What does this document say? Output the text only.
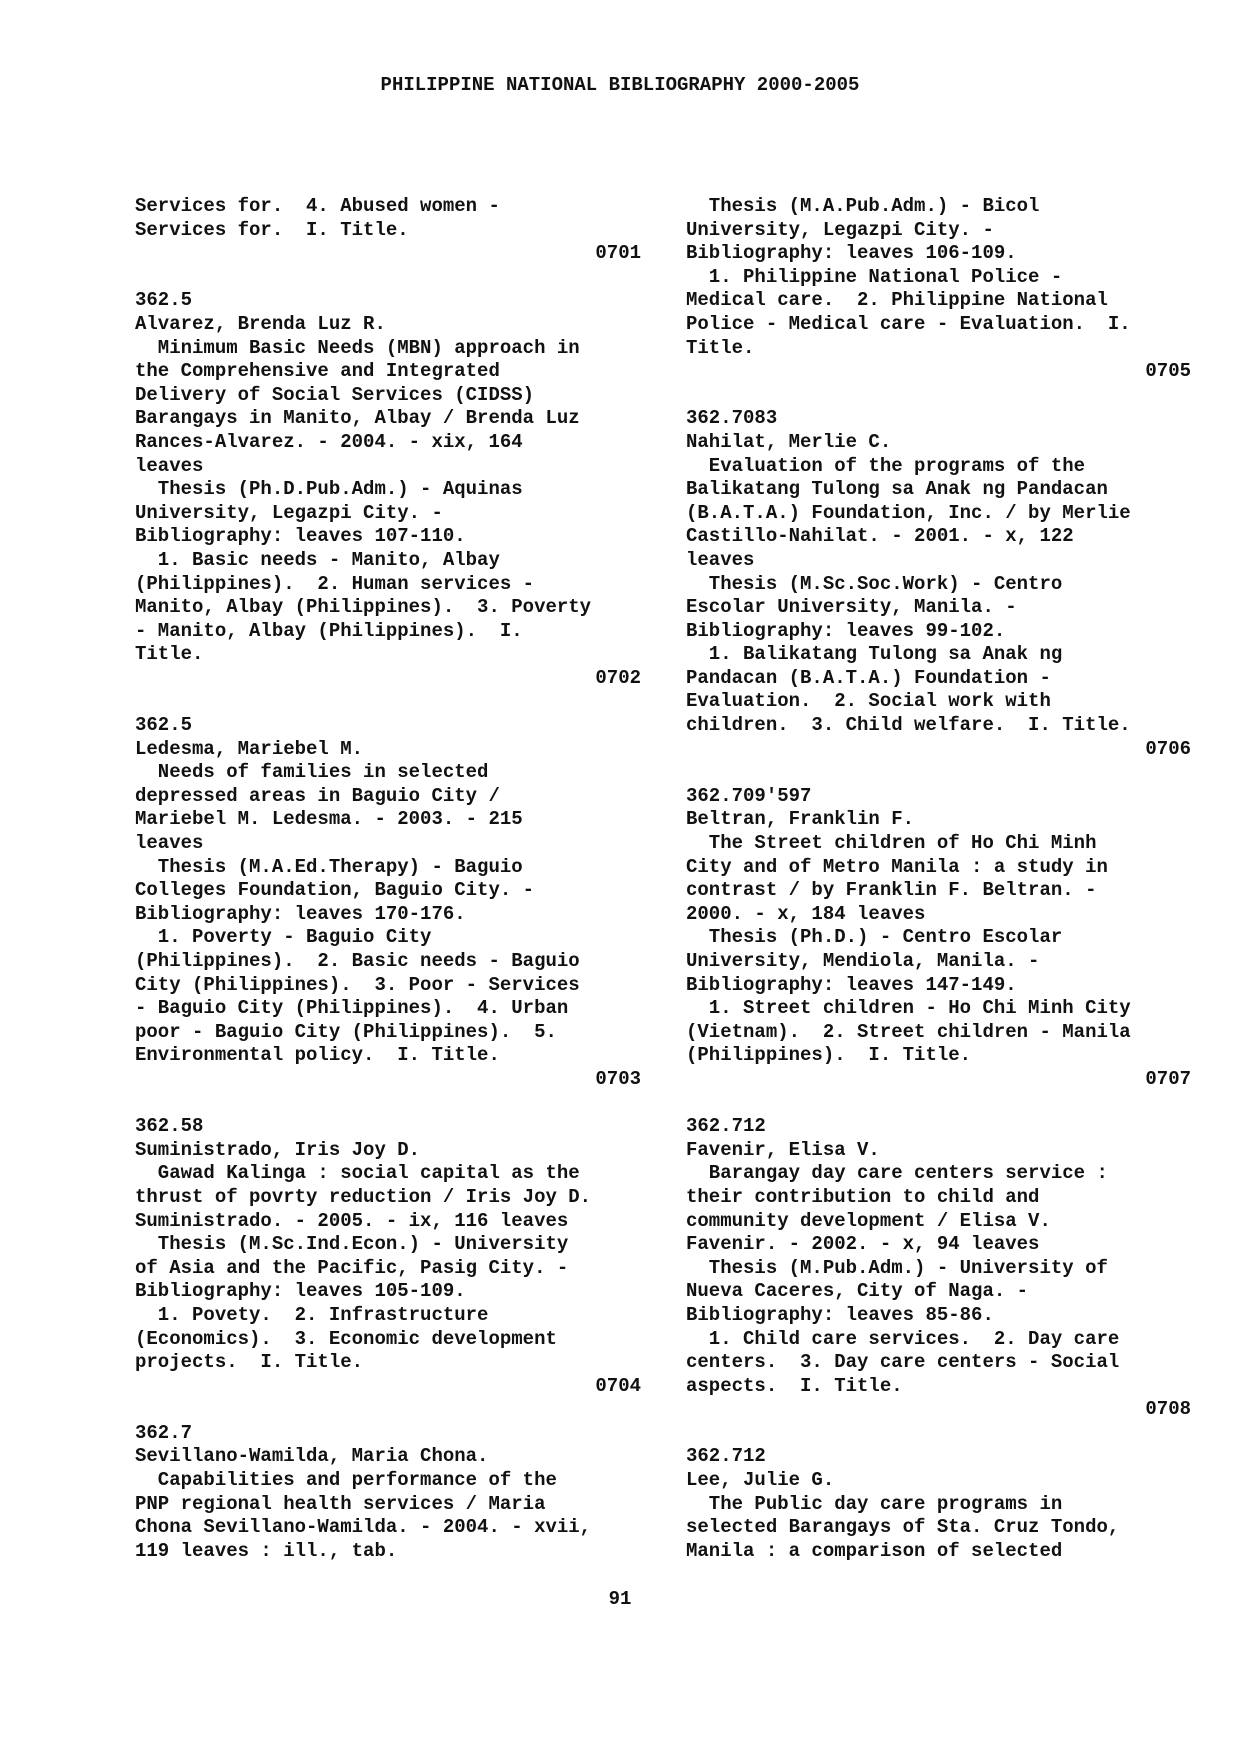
PHILIPPINE NATIONAL BIBLIOGRAPHY 2000-2005
Services for.  4. Abused women -
Services for.  I. Title.
0701
362.5
Alvarez, Brenda Luz R.
Minimum Basic Needs (MBN) approach in
the Comprehensive and Integrated
Delivery of Social Services (CIDSS)
Barangays in Manito, Albay / Brenda Luz
Rances-Alvarez. - 2004. - xix, 164
leaves
Thesis (Ph.D.Pub.Adm.) - Aquinas
University, Legazpi City. -
Bibliography: leaves 107-110.
1. Basic needs - Manito, Albay
(Philippines).  2. Human services -
Manito, Albay (Philippines).  3. Poverty
- Manito, Albay (Philippines).  I.
Title.
0702
362.5
Ledesma, Mariebel M.
Needs of families in selected
depressed areas in Baguio City /
Mariebel M. Ledesma. - 2003. - 215
leaves
Thesis (M.A.Ed.Therapy) - Baguio
Colleges Foundation, Baguio City. -
Bibliography: leaves 170-176.
1. Poverty - Baguio City
(Philippines).  2. Basic needs - Baguio
City (Philippines).  3. Poor - Services
- Baguio City (Philippines).  4. Urban
poor - Baguio City (Philippines).  5.
Environmental policy.  I. Title.
0703
362.58
Suministrado, Iris Joy D.
Gawad Kalinga : social capital as the
thrust of povrty reduction / Iris Joy D.
Suministrado. - 2005. - ix, 116 leaves
Thesis (M.Sc.Ind.Econ.) - University
of Asia and the Pacific, Pasig City. -
Bibliography: leaves 105-109.
1. Povety.  2. Infrastructure
(Economics).  3. Economic development
projects.  I. Title.
0704
362.7
Sevillano-Wamilda, Maria Chona.
Capabilities and performance of the
PNP regional health services / Maria
Chona Sevillano-Wamilda. - 2004. - xvii,
119 leaves : ill., tab.
Thesis (M.A.Pub.Adm.) - Bicol
University, Legazpi City. -
Bibliography: leaves 106-109.
1. Philippine National Police -
Medical care.  2. Philippine National
Police - Medical care - Evaluation.  I.
Title.
0705
362.7083
Nahilat, Merlie C.
Evaluation of the programs of the
Balikatang Tulong sa Anak ng Pandacan
(B.A.T.A.) Foundation, Inc. / by Merlie
Castillo-Nahilat. - 2001. - x, 122
leaves
Thesis (M.Sc.Soc.Work) - Centro
Escolar University, Manila. -
Bibliography: leaves 99-102.
1. Balikatang Tulong sa Anak ng
Pandacan (B.A.T.A.) Foundation -
Evaluation.  2. Social work with
children.  3. Child welfare.  I. Title.
0706
362.709'597
Beltran, Franklin F.
The Street children of Ho Chi Minh
City and of Metro Manila : a study in
contrast / by Franklin F. Beltran. -
2000. - x, 184 leaves
Thesis (Ph.D.) - Centro Escolar
University, Mendiola, Manila. -
Bibliography: leaves 147-149.
1. Street children - Ho Chi Minh City
(Vietnam).  2. Street children - Manila
(Philippines).  I. Title.
0707
362.712
Favenir, Elisa V.
Barangay day care centers service :
their contribution to child and
community development / Elisa V.
Favenir. - 2002. - x, 94 leaves
Thesis (M.Pub.Adm.) - University of
Nueva Caceres, City of Naga. -
Bibliography: leaves 85-86.
1. Child care services.  2. Day care
centers.  3. Day care centers - Social
aspects.  I. Title.
0708
362.712
Lee, Julie G.
The Public day care programs in
selected Barangays of Sta. Cruz Tondo,
Manila : a comparison of selected
91
